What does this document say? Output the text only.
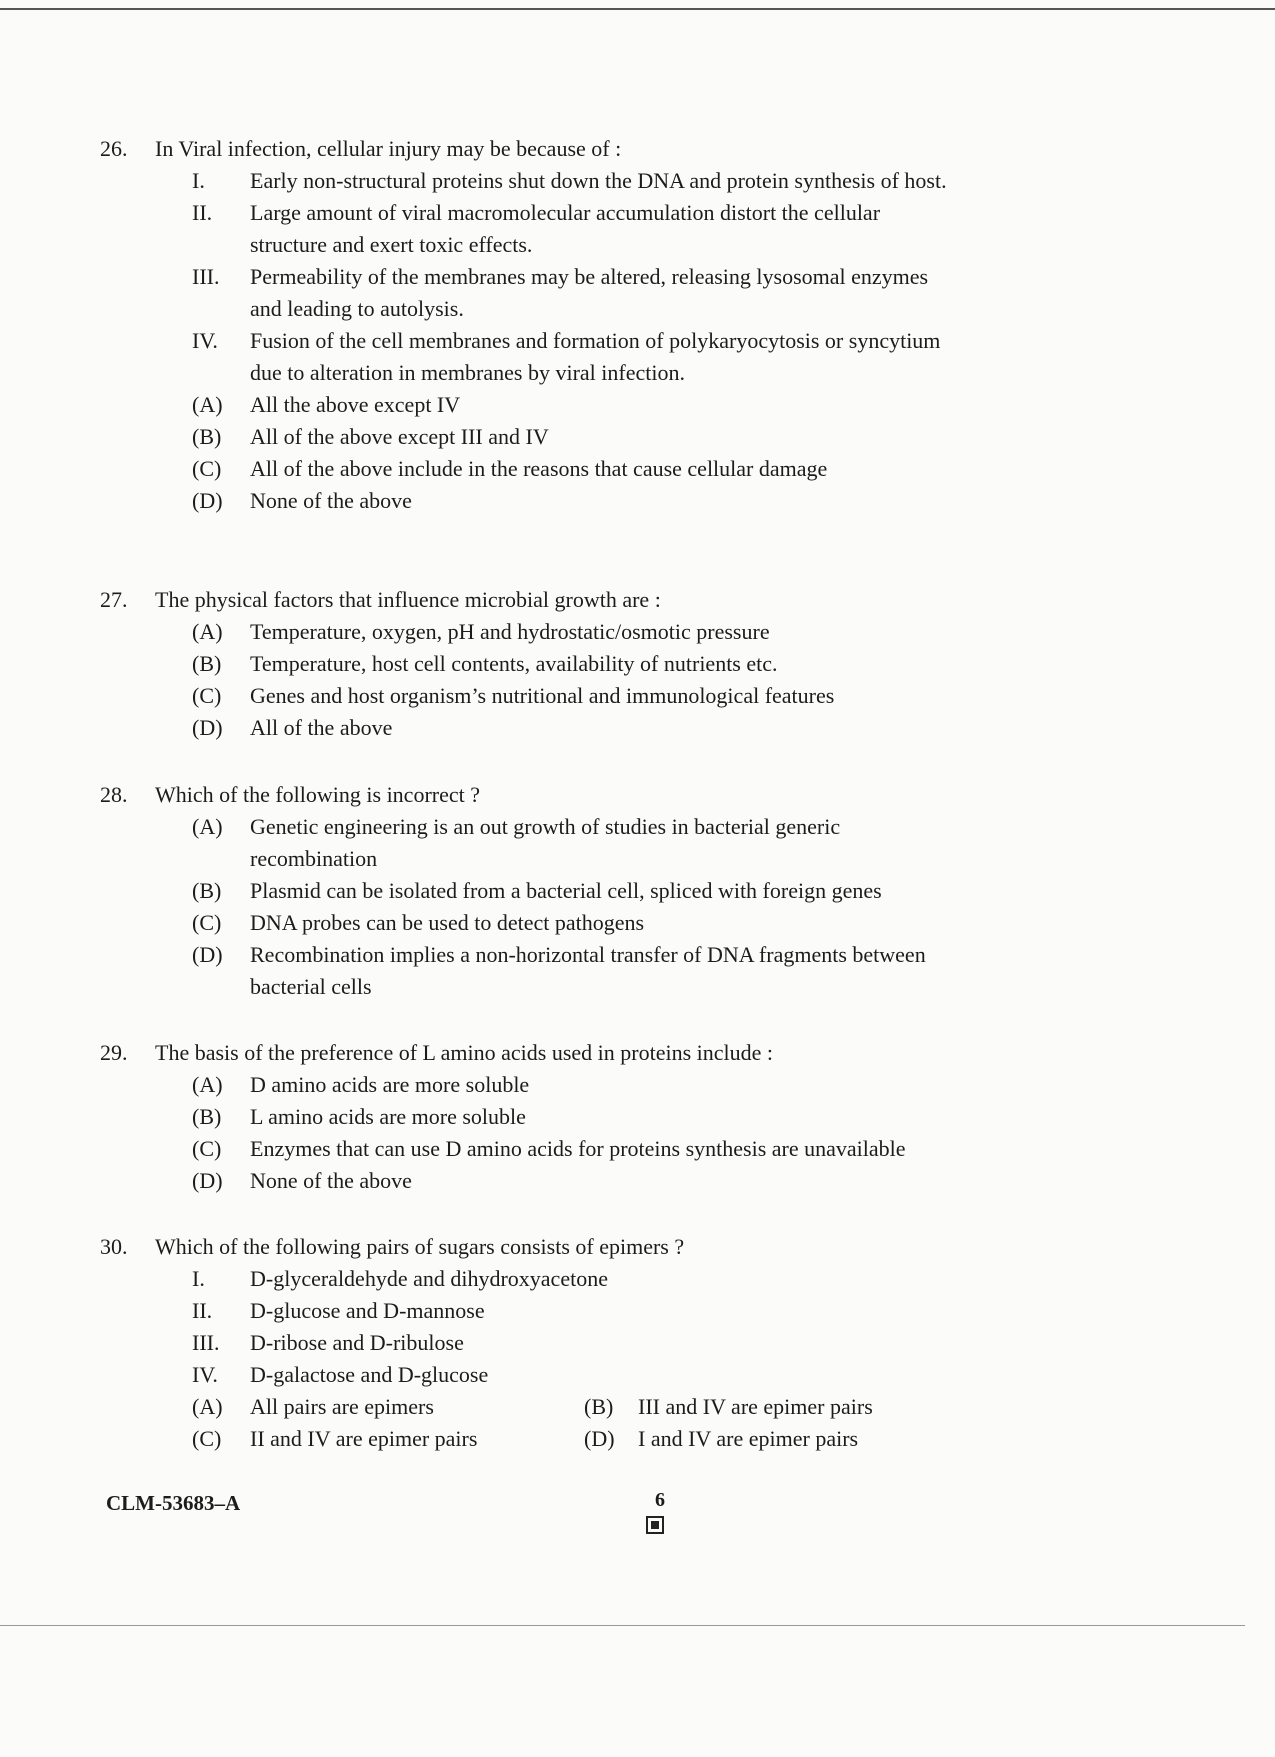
26.	In Viral infection, cellular injury may be because of :
I.	Early non-structural proteins shut down the DNA and protein synthesis of host.
II.	Large amount of viral macromolecular accumulation distort the cellular structure and exert toxic effects.
III.	Permeability of the membranes may be altered, releasing lysosomal enzymes and leading to autolysis.
IV.	Fusion of the cell membranes and formation of polykaryocytosis or syncytium due to alteration in membranes by viral infection.
(A)	All the above except IV
(B)	All of the above except III and IV
(C)	All of the above include in the reasons that cause cellular damage
(D)	None of the above
27.	The physical factors that influence microbial growth are :
(A)	Temperature, oxygen, pH and hydrostatic/osmotic pressure
(B)	Temperature, host cell contents, availability of nutrients etc.
(C)	Genes and host organism’s nutritional and immunological features
(D)	All of the above
28.	Which of the following is incorrect ?
(A)	Genetic engineering is an out growth of studies in bacterial generic recombination
(B)	Plasmid can be isolated from a bacterial cell, spliced with foreign genes
(C)	DNA probes can be used to detect pathogens
(D)	Recombination implies a non-horizontal transfer of DNA fragments between bacterial cells
29.	The basis of the preference of L amino acids used in proteins include :
(A)	D amino acids are more soluble
(B)	L amino acids are more soluble
(C)	Enzymes that can use D amino acids for proteins synthesis are unavailable
(D)	None of the above
30.	Which of the following pairs of sugars consists of epimers ?
I.	D-glyceraldehyde and dihydroxyacetone
II.	D-glucose and D-mannose
III.	D-ribose and D-ribulose
IV.	D-galactose and D-glucose
(A)	All pairs are epimers	(B)	III and IV are epimer pairs
(C)	II and IV are epimer pairs	(D)	I and IV are epimer pairs
CLM-53683–A	6
